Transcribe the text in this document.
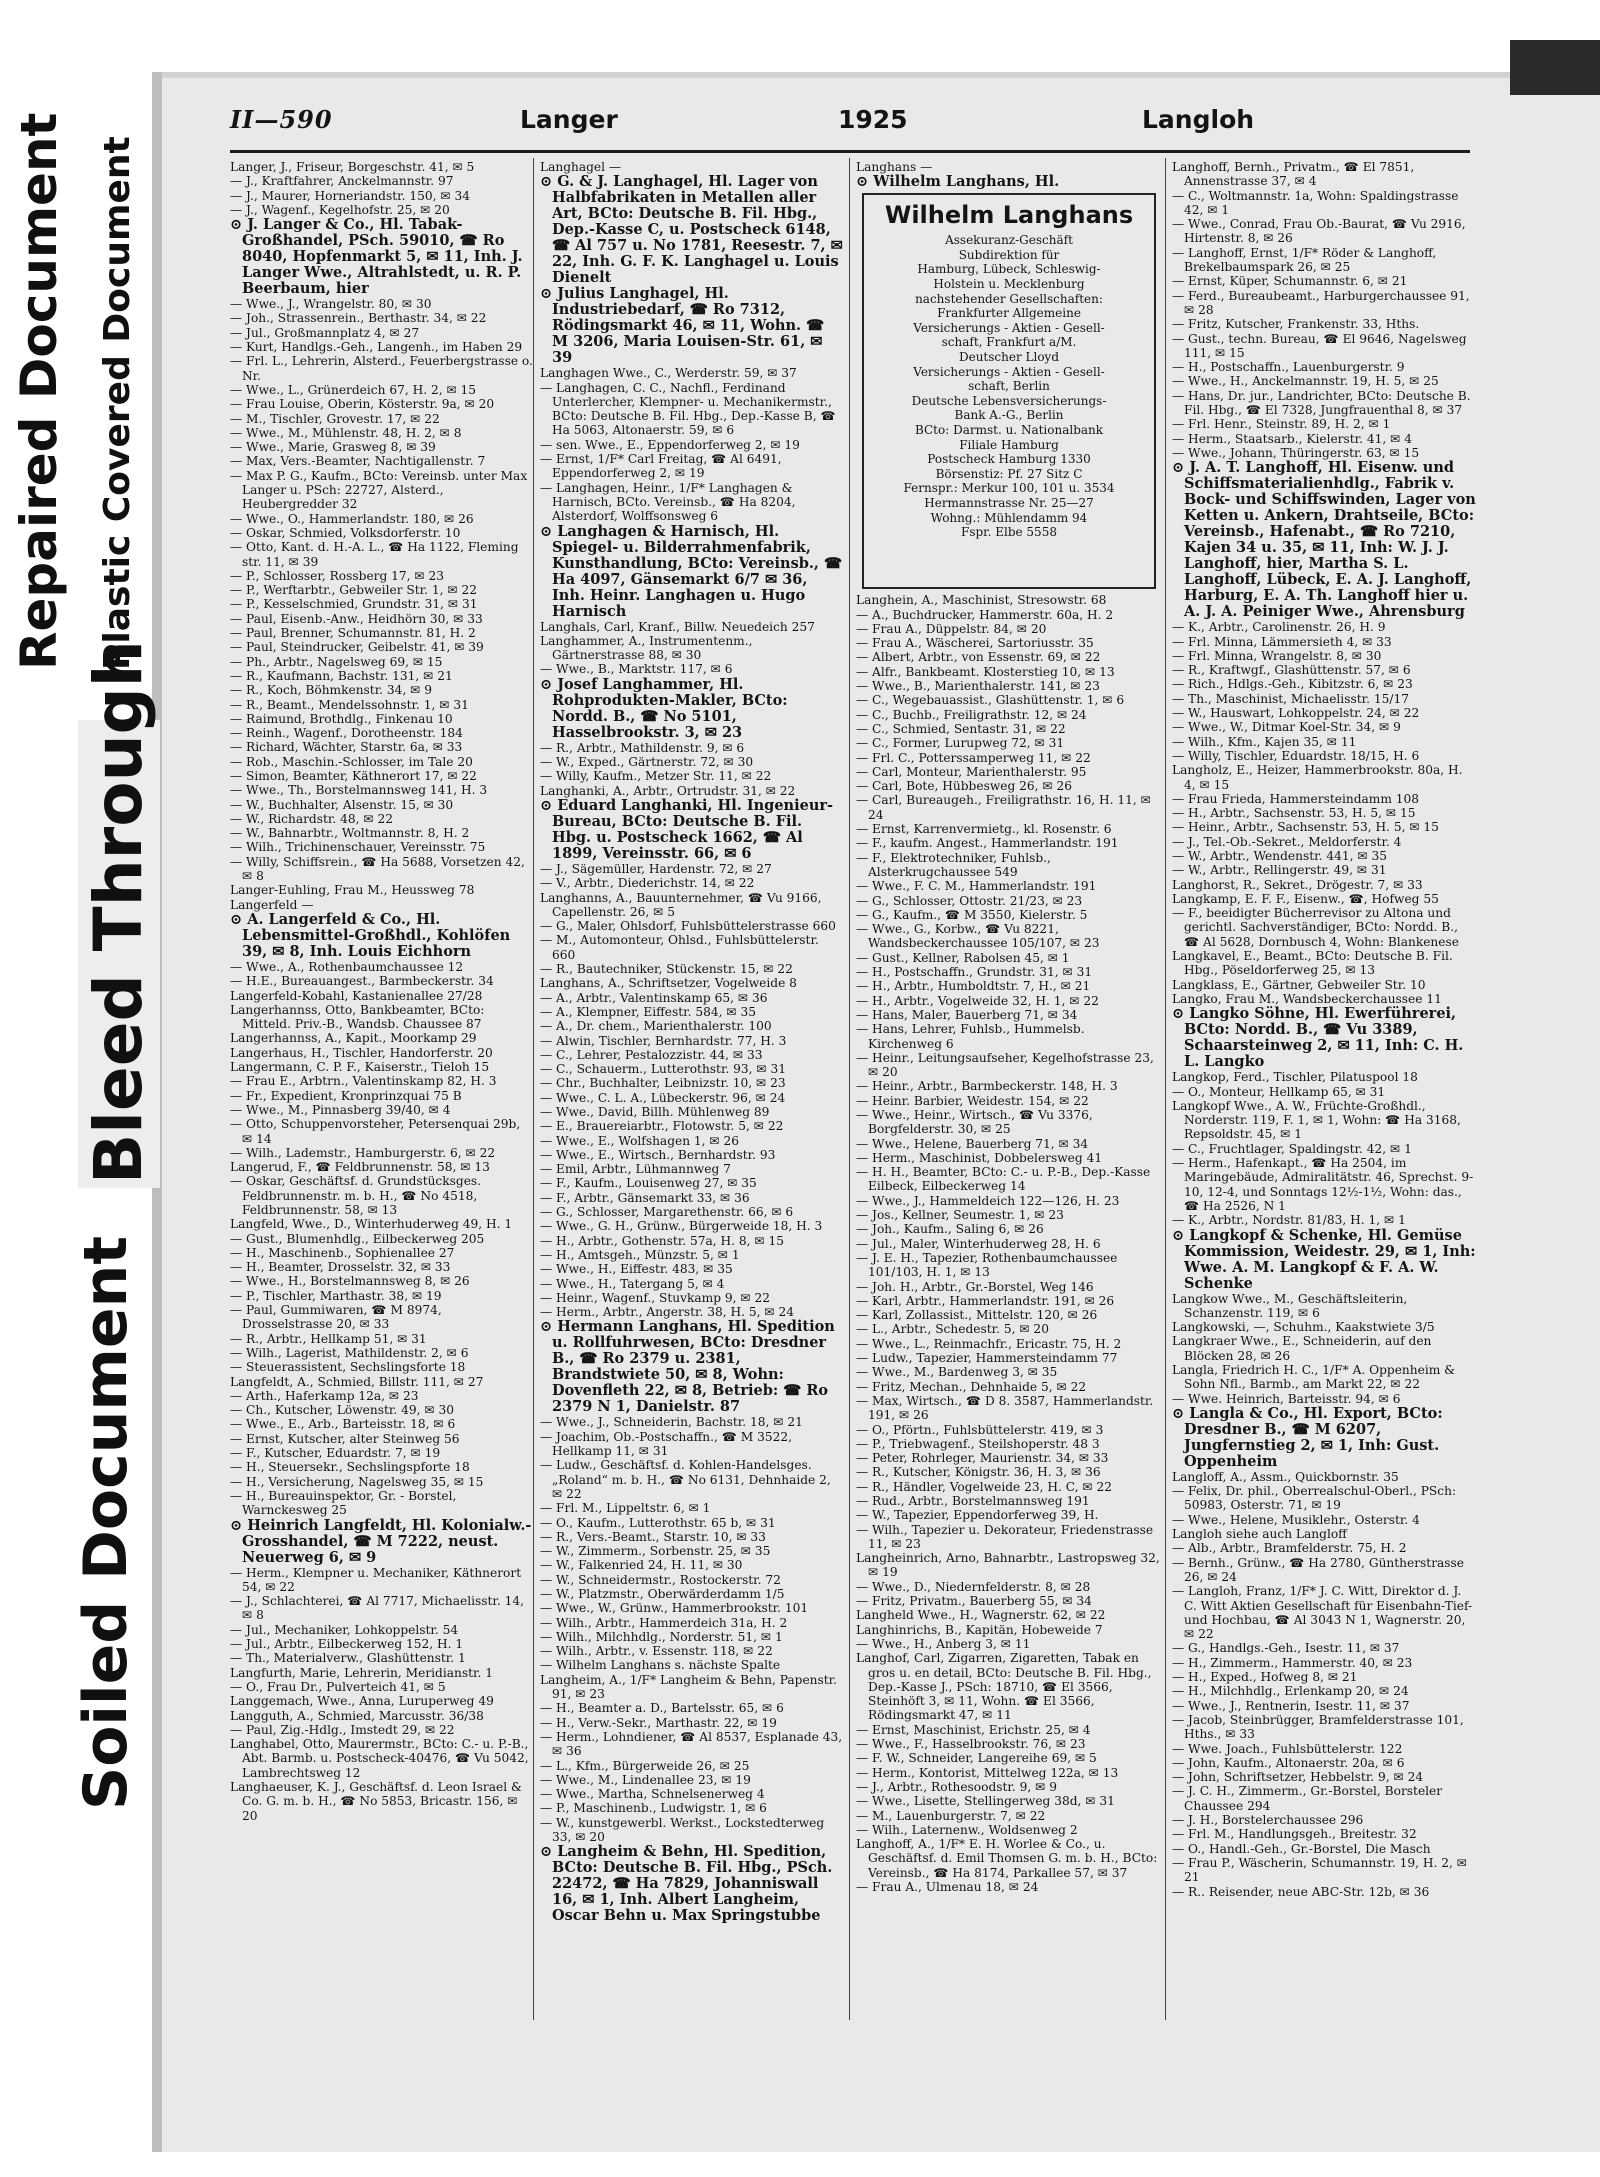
Repaired Document Plastic Covered Document
Bleed Through
Soiled Document
II—590	Langer	1925	Langloh

Langer, J., Friseur, Borgeschstr. 41, ✉ 5

— J., Kraftfahrer, Anckelmannstr. 97

— J., Maurer, Horneriandstr. 150, ✉ 34

— J., Wagenf., Kegelhofstr. 25, ✉ 20

⊙ J. Langer & Co., Hl. Tabak-Großhandel, PSch. 59010, ☎ Ro 8040, Hopfenmarkt 5, ✉ 11, Inh. J. Langer Wwe., Altrahlstedt, u. R. P. Beerbaum, hier

— Wwe., J., Wrangelstr. 80, ✉ 30

— Joh., Strassenrein., Berthastr. 34, ✉ 22

— Jul., Großmannplatz 4, ✉ 27

— Kurt, Handlgs.-Geh., Langenh., im Haben 29

— Frl. L., Lehrerin, Alsterd., Feuerbergstrasse o. Nr.

— Wwe., L., Grünerdeich 67, H. 2, ✉ 15

— Frau Louise, Oberin, Kösterstr. 9a, ✉ 20

— M., Tischler, Grovestr. 17, ✉ 22

— Wwe., M., Mühlenstr. 48, H. 2, ✉ 8

— Wwe., Marie, Grasweg 8, ✉ 39

— Max, Vers.-Beamter, Nachtigallenstr. 7

— Max P. G., Kaufm., BCto: Vereinsb. unter Max Langer u. PSch: 22727, Alsterd., Heubergredder 32

— Wwe., O., Hammerlandstr. 180, ✉ 26

— Oskar, Schmied, Volksdorferstr. 10

— Otto, Kant. d. H.-A. L., ☎ Ha 1122, Fleming str. 11, ✉ 39

— P., Schlosser, Rossberg 17, ✉ 23

— P., Werftarbtr., Gebweiler Str. 1, ✉ 22

— P., Kesselschmied, Grundstr. 31, ✉ 31

— Paul, Eisenb.-Anw., Heidhörn 30, ✉ 33

— Paul, Brenner, Schumannstr. 81, H. 2

— Paul, Steindrucker, Geibelstr. 41, ✉ 39

— Ph., Arbtr., Nagelsweg 69, ✉ 15

— R., Kaufmann, Bachstr. 131, ✉ 21

— R., Koch, Böhmkenstr. 34, ✉ 9

— R., Beamt., Mendelssohnstr. 1, ✉ 31

— Raimund, Brothdlg., Finkenau 10

— Reinh., Wagenf., Dorotheenstr. 184

— Richard, Wächter, Starstr. 6a, ✉ 33

— Rob., Maschin.-Schlosser, im Tale 20

— Simon, Beamter, Käthnerort 17, ✉ 22

— Wwe., Th., Borstelmannsweg 141, H. 3

— W., Buchhalter, Alsenstr. 15, ✉ 30

— W., Richardstr. 48, ✉ 22

— W., Bahnarbtr., Woltmannstr. 8, H. 2

— Wilh., Trichinenschauer, Vereinsstr. 75

— Willy, Schiffsrein., ☎ Ha 5688, Vorsetzen 42, ✉ 8

Langer-Euhling, Frau M., Heussweg 78

Langerfeld —

⊙ A. Langerfeld & Co., Hl. Lebensmittel-Großhdl., Kohlöfen 39, ✉ 8, Inh. Louis Eichhorn

— Wwe., A., Rothenbaumchaussee 12

— H.E., Bureauangest., Barmbeckerstr. 34

Langerfeld-Kobahl, Kastanienallee 27/28

Langerhannss, Otto, Bankbeamter, BCto: Mitteld. Priv.-B., Wandsb. Chaussee 87

Langerhannss, A., Kapit., Moorkamp 29

Langerhaus, H., Tischler, Handorferstr. 20

Langermann, C. P. F., Kaiserstr., Tieloh 15

— Frau E., Arbtrn., Valentinskamp 82, H. 3

— Fr., Expedient, Kronprinzquai 75 B

— Wwe., M., Pinnasberg 39/40, ✉ 4

— Otto, Schuppenvorsteher, Petersenquai 29b, ✉ 14

— Wilh., Lademstr., Hamburgerstr. 6, ✉ 22

Langerud, F., ☎ Feldbrunnenstr. 58, ✉ 13

— Oskar, Geschäftsf. d. Grundstücksges. Feldbrunnenstr. m. b. H., ☎ No 4518, Feldbrunnenstr. 58, ✉ 13

Langfeld, Wwe., D., Winterhuderweg 49, H. 1

— Gust., Blumenhdlg., Eilbeckerweg 205

— H., Maschinenb., Sophienallee 27

— H., Beamter, Drosselstr. 32, ✉ 33

— Wwe., H., Borstelmannsweg 8, ✉ 26

— P., Tischler, Marthastr. 38, ✉ 19

— Paul, Gummiwaren, ☎ M 8974, Drosselstrasse 20, ✉ 33

— R., Arbtr., Hellkamp 51, ✉ 31

— Wilh., Lagerist, Mathildenstr. 2, ✉ 6

— Steuerassistent, Sechslingsforte 18

Langfeldt, A., Schmied, Billstr. 111, ✉ 27

— Arth., Haferkamp 12a, ✉ 23

— Ch., Kutscher, Löwenstr. 49, ✉ 30

— Wwe., E., Arb., Barteisstr. 18, ✉ 6

— Ernst, Kutscher, alter Steinweg 56

— F., Kutscher, Eduardstr. 7, ✉ 19

— H., Steuersekr., Sechslingspforte 18

— H., Versicherung, Nagelsweg 35, ✉ 15

— H., Bureauinspektor, Gr. - Borstel, Warnckesweg 25

⊙ Heinrich Langfeldt, Hl. Kolonialw.-Grosshandel, ☎ M 7222, neust. Neuerweg 6, ✉ 9

— Herm., Klempner u. Mechaniker, Käthnerort 54, ✉ 22

— J., Schlachterei, ☎ Al 7717, Michaelisstr. 14, ✉ 8

— Jul., Mechaniker, Lohkoppelstr. 54

— Jul., Arbtr., Eilbeckerweg 152, H. 1

— Th., Materialverw., Glashüttenstr. 1

Langfurth, Marie, Lehrerin, Meridianstr. 1

— O., Frau Dr., Pulverteich 41, ✉ 5

Langgemach, Wwe., Anna, Luruperweg 49

Langguth, A., Schmied, Marcusstr. 36/38

— Paul, Zig.-Hdlg., Imstedt 29, ✉ 22

Langhabel, Otto, Maurermstr., BCto: C.- u. P.-B., Abt. Barmb. u. Postscheck-40476, ☎ Vu 5042, Lambrechtsweg 12

Langhaeuser, K. J., Geschäftsf. d. Leon Israel & Co. G. m. b. H., ☎ No 5853, Bricastr. 156, ✉ 20

Langhagel —

⊙ G. & J. Langhagel, Hl. Lager von Halbfabrikaten in Metallen aller Art, BCto: Deutsche B. Fil. Hbg., Dep.-Kasse C, u. Postscheck 6148, ☎ Al 757 u. No 1781, Reesestr. 7, ✉ 22, Inh. G. F. K. Langhagel u. Louis Dienelt

⊙ Julius Langhagel, Hl. Industriebedarf, ☎ Ro 7312, Rödingsmarkt 46, ✉ 11, Wohn. ☎ M 3206, Maria Louisen-Str. 61, ✉ 39

Langhagen Wwe., C., Werderstr. 59, ✉ 37

— Langhagen, C. C., Nachfl., Ferdinand Unterlercher, Klempner- u. Mechanikermstr., BCto: Deutsche B. Fil. Hbg., Dep.-Kasse B, ☎ Ha 5063, Altonaerstr. 59, ✉ 6

— sen. Wwe., E., Eppendorferweg 2, ✉ 19

— Ernst, 1/F* Carl Freitag, ☎ Al 6491, Eppendorferweg 2, ✉ 19

— Langhagen, Heinr., 1/F* Langhagen & Harnisch, BCto. Vereinsb., ☎ Ha 8204, Alsterdorf, Wolffsonsweg 6

⊙ Langhagen & Harnisch, Hl. Spiegel- u. Bilderrahmenfabrik, Kunsthandlung, BCto: Vereinsb., ☎ Ha 4097, Gänsemarkt 6/7 ✉ 36, Inh. Heinr. Langhagen u. Hugo Harnisch

Langhals, Carl, Kranf., Billw. Neuedeich 257

Langhammer, A., Instrumentenm., Gärtnerstrasse 88, ✉ 30

— Wwe., B., Marktstr. 117, ✉ 6

⊙ Josef Langhammer, Hl. Rohprodukten-Makler, BCto: Nordd. B., ☎ No 5101, Hasselbrookstr. 3, ✉ 23

— R., Arbtr., Mathildenstr. 9, ✉ 6

— W., Exped., Gärtnerstr. 72, ✉ 30

— Willy, Kaufm., Metzer Str. 11, ✉ 22

Langhanki, A., Arbtr., Ortrudstr. 31, ✉ 22

⊙ Eduard Langhanki, Hl. Ingenieur-Bureau, BCto: Deutsche B. Fil. Hbg. u. Postscheck 1662, ☎ Al 1899, Vereinsstr. 66, ✉ 6

— J., Sägemüller, Hardenstr. 72, ✉ 27

— V., Arbtr., Diederichstr. 14, ✉ 22

Langhanns, A., Bauunternehmer, ☎ Vu 9166, Capellenstr. 26, ✉ 5

— G., Maler, Ohlsdorf, Fuhlsbüttelerstrasse 660

— M., Automonteur, Ohlsd., Fuhlsbüttelerstr. 660

— R., Bautechniker, Stückenstr. 15, ✉ 22

Langhans, A., Schriftsetzer, Vogelweide 8

— A., Arbtr., Valentinskamp 65, ✉ 36

— A., Klempner, Eiffestr. 584, ✉ 35

— A., Dr. chem., Marienthalerstr. 100

— Alwin, Tischler, Bernhardstr. 77, H. 3

— C., Lehrer, Pestalozzistr. 44, ✉ 33

— C., Schauerm., Lutterothstr. 93, ✉ 31

— Chr., Buchhalter, Leibnizstr. 10, ✉ 23

— Wwe., C. L. A., Lübeckerstr. 96, ✉ 24

— Wwe., David, Billh. Mühlenweg 89

— E., Brauereiarbtr., Flotowstr. 5, ✉ 22

— Wwe., E., Wolfshagen 1, ✉ 26

— Wwe., E., Wirtsch., Bernhardstr. 93

— Emil, Arbtr., Lühmannweg 7

— F., Kaufm., Louisenweg 27, ✉ 35

— F., Arbtr., Gänsemarkt 33, ✉ 36

— G., Schlosser, Margarethenstr. 66, ✉ 6

— Wwe., G. H., Grünw., Bürgerweide 18, H. 3

— H., Arbtr., Gothenstr. 57a, H. 8, ✉ 15

— H., Amtsgeh., Münzstr. 5, ✉ 1

— Wwe., H., Eiffestr. 483, ✉ 35

— Wwe., H., Tatergang 5, ✉ 4

— Heinr., Wagenf., Stuvkamp 9, ✉ 22

— Herm., Arbtr., Angerstr. 38, H. 5, ✉ 24

⊙ Hermann Langhans, Hl. Spedition u. Rollfuhrwesen, BCto: Dresdner B., ☎ Ro 2379 u. 2381, Brandstwiete 50, ✉ 8, Wohn: Dovenfleth 22, ✉ 8, Betrieb: ☎ Ro 2379 N 1, Danielstr. 87

— Wwe., J., Schneiderin, Bachstr. 18, ✉ 21

— Joachim, Ob.-Postschaffn., ☎ M 3522, Hellkamp 11, ✉ 31

— Ludw., Geschäftsf. d. Kohlen-Handelsges. „Roland“ m. b. H., ☎ No 6131, Dehnhaide 2, ✉ 22

— Frl. M., Lippeltstr. 6, ✉ 1

— O., Kaufm., Lutterothstr. 65 b, ✉ 31

— R., Vers.-Beamt., Starstr. 10, ✉ 33

— W., Zimmerm., Sorbenstr. 25, ✉ 35

— W., Falkenried 24, H. 11, ✉ 30

— W., Schneidermstr., Rostockerstr. 72

— W., Platzmstr., Oberwärderdamm 1/5

— Wwe., W., Grünw., Hammerbrookstr. 101

— Wilh., Arbtr., Hammerdeich 31a, H. 2

— Wilh., Milchhdlg., Norderstr. 51, ✉ 1

— Wilh., Arbtr., v. Essenstr. 118, ✉ 22

— Wilhelm Langhans s. nächste Spalte

Langheim, A., 1/F* Langheim & Behn, Papenstr. 91, ✉ 23

— H., Beamter a. D., Bartelsstr. 65, ✉ 6

— H., Verw.-Sekr., Marthastr. 22, ✉ 19

— Herm., Lohndiener, ☎ Al 8537, Esplanade 43, ✉ 36

— L., Kfm., Bürgerweide 26, ✉ 25

— Wwe., M., Lindenallee 23, ✉ 19

— Wwe., Martha, Schnelsenerweg 4

— P., Maschinenb., Ludwigstr. 1, ✉ 6

— W., kunstgewerbl. Werkst., Lockstedterweg 33, ✉ 20

⊙ Langheim & Behn, Hl. Spedition, BCto: Deutsche B. Fil. Hbg., PSch. 22472, ☎ Ha 7829, Johanniswall 16, ✉ 1, Inh. Albert Langheim, Oscar Behn u. Max Springstubbe

Langhans —

⊙ Wilhelm Langhans, Hl.

Wilhelm Langhans
Assekuranz-Geschäft
Subdirektion für
Hamburg, Lübeck, Schleswig-
Holstein u. Mecklenburg
nachstehender Gesellschaften:
Frankfurter Allgemeine
Versicherungs - Aktien - Gesell-
schaft, Frankfurt a/M.
Deutscher Lloyd
Versicherungs - Aktien - Gesell-
schaft, Berlin
Deutsche Lebensversicherungs-
Bank A.-G., Berlin
BCto: Darmst. u. Nationalbank
Filiale Hamburg
Postscheck Hamburg 1330
Börsenstiz: Pf. 27 Sitz C
Fernspr.: Merkur 100, 101 u. 3534
Hermannstrasse Nr. 25—27
Wohng.: Mühlendamm 94
Fspr. Elbe 5558

Langhein, A., Maschinist, Stresowstr. 68

— A., Buchdrucker, Hammerstr. 60a, H. 2

— Frau A., Düppelstr. 84, ✉ 20

— Frau A., Wäscherei, Sartoriusstr. 35

— Albert, Arbtr., von Essenstr. 69, ✉ 22

— Alfr., Bankbeamt. Klosterstieg 10, ✉ 13

— Wwe., B., Marienthalerstr. 141, ✉ 23

— C., Wegebauassist., Glashüttenstr. 1, ✉ 6

— C., Buchb., Freiligrathstr. 12, ✉ 24

— C., Schmied, Sentastr. 31, ✉ 22

— C., Former, Lurupweg 72, ✉ 31

— Frl. C., Potterssamperweg 11, ✉ 22

— Carl, Monteur, Marienthalerstr. 95

— Carl, Bote, Hübbesweg 26, ✉ 26

— Carl, Bureaugeh., Freiligrathstr. 16, H. 11, ✉ 24

— Ernst, Karrenvermietg., kl. Rosenstr. 6

— F., kaufm. Angest., Hammerlandstr. 191

— F., Elektrotechniker, Fuhlsb., Alsterkrugchaussee 549

— Wwe., F. C. M., Hammerlandstr. 191

— G., Schlosser, Ottostr. 21/23, ✉ 23

— G., Kaufm., ☎ M 3550, Kielerstr. 5

— Wwe., G., Korbw., ☎ Vu 8221, Wandsbeckerchaussee 105/107, ✉ 23

— Gust., Kellner, Rabolsen 45, ✉ 1

— H., Postschaffn., Grundstr. 31, ✉ 31

— H., Arbtr., Humboldtstr. 7, H., ✉ 21

— H., Arbtr., Vogelweide 32, H. 1, ✉ 22

— Hans, Maler, Bauerberg 71, ✉ 34

— Hans, Lehrer, Fuhlsb., Hummelsb. Kirchenweg 6

— Heinr., Leitungsaufseher, Kegelhofstrasse 23, ✉ 20

— Heinr., Arbtr., Barmbeckerstr. 148, H. 3

— Heinr. Barbier, Weidestr. 154, ✉ 22

— Wwe., Heinr., Wirtsch., ☎ Vu 3376, Borgfelderstr. 30, ✉ 25

— Wwe., Helene, Bauerberg 71, ✉ 34

— Herm., Maschinist, Dobbelersweg 41

— H. H., Beamter, BCto: C.- u. P.-B., Dep.-Kasse Eilbeck, Eilbeckerweg 14

— Wwe., J., Hammeldeich 122—126, H. 23

— Jos., Kellner, Seumestr. 1, ✉ 23

— Joh., Kaufm., Saling 6, ✉ 26

— Jul., Maler, Winterhuderweg 28, H. 6

— J. E. H., Tapezier, Rothenbaumchaussee 101/103, H. 1, ✉ 13

— Joh. H., Arbtr., Gr.-Borstel, Weg 146

— Karl, Arbtr., Hammerlandstr. 191, ✉ 26

— Karl, Zollassist., Mittelstr. 120, ✉ 26

— L., Arbtr., Schedestr. 5, ✉ 20

— Wwe., L., Reinmachfr., Ericastr. 75, H. 2

— Ludw., Tapezier, Hammersteindamm 77

— Wwe., M., Bardenweg 3, ✉ 35

— Fritz, Mechan., Dehnhaide 5, ✉ 22

— Max, Wirtsch., ☎ D 8. 3587, Hammerlandstr. 191, ✉ 26

— O., Pförtn., Fuhlsbüttelerstr. 419, ✉ 3

— P., Triebwagenf., Steilshoperstr. 48 3

— Peter, Rohrleger, Maurienstr. 34, ✉ 33

— R., Kutscher, Königstr. 36, H. 3, ✉ 36

— R., Händler, Vogelweide 23, H. C, ✉ 22

— Rud., Arbtr., Borstelmannsweg 191

— W., Tapezier, Eppendorferweg 39, H.

— Wilh., Tapezier u. Dekorateur, Friedenstrasse 11, ✉ 23

Langheinrich, Arno, Bahnarbtr., Lastropsweg 32, ✉ 19

— Wwe., D., Niedernfelderstr. 8, ✉ 28

— Fritz, Privatm., Bauerberg 55, ✉ 34

Langheld Wwe., H., Wagnerstr. 62, ✉ 22

Langhinrichs, B., Kapitän, Hobeweide 7

— Wwe., H., Anberg 3, ✉ 11

Langhof, Carl, Zigarren, Zigaretten, Tabak en gros u. en detail, BCto: Deutsche B. Fil. Hbg., Dep.-Kasse J., PSch: 18710, ☎ El 3566, Steinhöft 3, ✉ 11, Wohn. ☎ El 3566, Rödingsmarkt 47, ✉ 11

— Ernst, Maschinist, Erichstr. 25, ✉ 4

— Wwe., F., Hasselbrookstr. 76, ✉ 23

— F. W., Schneider, Langereihe 69, ✉ 5

— Herm., Kontorist, Mittelweg 122a, ✉ 13

— J., Arbtr., Rothesoodstr. 9, ✉ 9

— Wwe., Lisette, Stellingerweg 38d, ✉ 31

— M., Lauenburgerstr. 7, ✉ 22

— Wilh., Laternenw., Woldsenweg 2

Langhoff, A., 1/F* E. H. Worlee & Co., u. Geschäftsf. d. Emil Thomsen G. m. b. H., BCto: Vereinsb., ☎ Ha 8174, Parkallee 57, ✉ 37

— Frau A., Ulmenau 18, ✉ 24

Langhoff, Bernh., Privatm., ☎ El 7851, Annenstrasse 37, ✉ 4

— C., Woltmannstr. 1a, Wohn: Spaldingstrasse 42, ✉ 1

— Wwe., Conrad, Frau Ob.-Baurat, ☎ Vu 2916, Hirtenstr. 8, ✉ 26

— Langhoff, Ernst, 1/F* Röder & Langhoff, Brekelbaumspark 26, ✉ 25

— Ernst, Küper, Schumannstr. 6, ✉ 21

— Ferd., Bureaubeamt., Harburgerchaussee 91, ✉ 28

— Fritz, Kutscher, Frankenstr. 33, Hths.

— Gust., techn. Bureau, ☎ El 9646, Nagelsweg 111, ✉ 15

— H., Postschaffn., Lauenburgerstr. 9

— Wwe., H., Anckelmannstr. 19, H. 5, ✉ 25

— Hans, Dr. jur., Landrichter, BCto: Deutsche B. Fil. Hbg., ☎ El 7328, Jungfrauenthal 8, ✉ 37

— Frl. Henr., Steinstr. 89, H. 2, ✉ 1

— Herm., Staatsarb., Kielerstr. 41, ✉ 4

— Wwe., Johann, Thüringerstr. 63, ✉ 15

⊙ J. A. T. Langhoff, Hl. Eisenw. und Schiffsmaterialienhdlg., Fabrik v. Bock- und Schiffswinden, Lager von Ketten u. Ankern, Drahtseile, BCto: Vereinsb., Hafenabt., ☎ Ro 7210, Kajen 34 u. 35, ✉ 11, Inh: W. J. J. Langhoff, hier, Martha S. L. Langhoff, Lübeck, E. A. J. Langhoff, Harburg, E. A. Th. Langhoff hier u. A. J. A. Peiniger Wwe., Ahrensburg

— K., Arbtr., Carolinenstr. 26, H. 9

— Frl. Minna, Lämmersieth 4, ✉ 33

— Frl. Minna, Wrangelstr. 8, ✉ 30

— R., Kraftwgf., Glashüttenstr. 57, ✉ 6

— Rich., Hdlgs.-Geh., Kibitzstr. 6, ✉ 23

— Th., Maschinist, Michaelisstr. 15/17

— W., Hauswart, Lohkoppelstr. 24, ✉ 22

— Wwe., W., Ditmar Koel-Str. 34, ✉ 9

— Wilh., Kfm., Kajen 35, ✉ 11

— Willy, Tischler, Eduardstr. 18/15, H. 6

Langholz, E., Heizer, Hammerbrookstr. 80a, H. 4, ✉ 15

— Frau Frieda, Hammersteindamm 108

— H., Arbtr., Sachsenstr. 53, H. 5, ✉ 15

— Heinr., Arbtr., Sachsenstr. 53, H. 5, ✉ 15

— J., Tel.-Ob.-Sekret., Meldorferstr. 4

— W., Arbtr., Wendenstr. 441, ✉ 35

— W., Arbtr., Rellingerstr. 49, ✉ 31

Langhorst, R., Sekret., Drögestr. 7, ✉ 33

Langkamp, E. F. F., Eisenw., ☎, Hofweg 55

— F., beeidigter Bücherrevisor zu Altona und gerichtl. Sachverständiger, BCto: Nordd. B., ☎ Al 5628, Dornbusch 4, Wohn: Blankenese

Langkavel, E., Beamt., BCto: Deutsche B. Fil. Hbg., Pöseldorferweg 25, ✉ 13

Langklass, E., Gärtner, Gebweiler Str. 10

Langko, Frau M., Wandsbeckerchaussee 11

⊙ Langko Söhne, Hl. Ewerführerei, BCto: Nordd. B., ☎ Vu 3389, Schaarsteinweg 2, ✉ 11, Inh: C. H. L. Langko

Langkop, Ferd., Tischler, Pilatuspool 18

— O., Monteur, Hellkamp 65, ✉ 31

Langkopf Wwe., A. W., Früchte-Großhdl., Norderstr. 119, F. 1, ✉ 1, Wohn: ☎ Ha 3168, Repsoldstr. 45, ✉ 1

— C., Fruchtlager, Spaldingstr. 42, ✉ 1

— Herm., Hafenkapt., ☎ Ha 2504, im Maringebäude, Admiralitätstr. 46, Sprechst. 9-10, 12-4, und Sonntags 12½-1½, Wohn: das., ☎ Ha 2526, N 1

— K., Arbtr., Nordstr. 81/83, H. 1, ✉ 1

⊙ Langkopf & Schenke, Hl. Gemüse Kommission, Weidestr. 29, ✉ 1, Inh: Wwe. A. M. Langkopf & F. A. W. Schenke

Langkow Wwe., M., Geschäftsleiterin, Schanzenstr. 119, ✉ 6

Langkowski, —, Schuhm., Kaakstwiete 3/5

Langkraer Wwe., E., Schneiderin, auf den Blöcken 28, ✉ 26

Langla, Friedrich H. C., 1/F* A. Oppenheim & Sohn Nfl., Barmb., am Markt 22, ✉ 22

— Wwe. Heinrich, Barteisstr. 94, ✉ 6

⊙ Langla & Co., Hl. Export, BCto: Dresdner B., ☎ M 6207, Jungfernstieg 2, ✉ 1, Inh: Gust. Oppenheim

Langloff, A., Assm., Quickbornstr. 35

— Felix, Dr. phil., Oberrealschul-Oberl., PSch: 50983, Osterstr. 71, ✉ 19

— Wwe., Helene, Musiklehr., Osterstr. 4

Langloh siehe auch Langloff

— Alb., Arbtr., Bramfelderstr. 75, H. 2

— Bernh., Grünw., ☎ Ha 2780, Güntherstrasse 26, ✉ 24

— Langloh, Franz, 1/F* J. C. Witt, Direktor d. J. C. Witt Aktien Gesellschaft für Eisenbahn-Tief- und Hochbau, ☎ Al 3043 N 1, Wagnerstr. 20, ✉ 22

— G., Handlgs.-Geh., Isestr. 11, ✉ 37

— H., Zimmerm., Hammerstr. 40, ✉ 23

— H., Exped., Hofweg 8, ✉ 21

— H., Milchhdlg., Erlenkamp 20, ✉ 24

— Wwe., J., Rentnerin, Isestr. 11, ✉ 37

— Jacob, Steinbrügger, Bramfelderstrasse 101, Hths., ✉ 33

— Wwe. Joach., Fuhlsbüttelerstr. 122

— John, Kaufm., Altonaerstr. 20a, ✉ 6

— John, Schriftsetzer, Hebbelstr. 9, ✉ 24

— J. C. H., Zimmerm., Gr.-Borstel, Borsteler Chaussee 294

— J. H., Borstelerchaussee 296

— Frl. M., Handlungsgeh., Breitestr. 32

— O., Handl.-Geh., Gr.-Borstel, Die Masch

— Frau P., Wäscherin, Schumannstr. 19, H. 2, ✉ 21

— R.. Reisender, neue ABC-Str. 12b, ✉ 36
